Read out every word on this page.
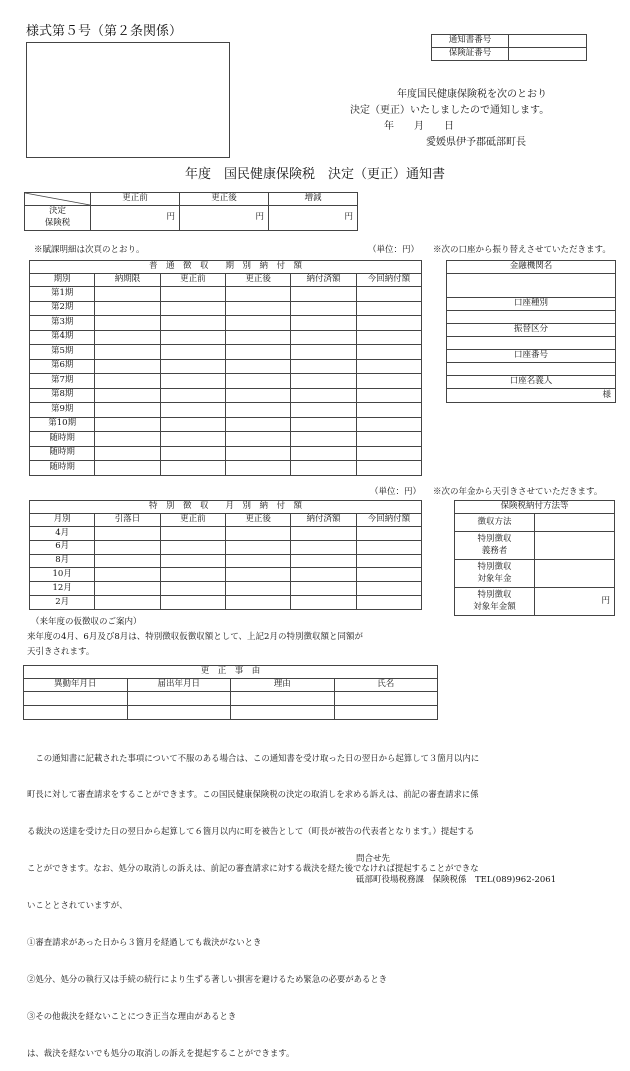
様式第５号（第２条関係）
通知書番号	
保険証番号	
年度国民健康保険税を次のとおり
決定（更正）いたしましたので通知します。
年　　月　　日
愛媛県伊予郡砥部町長
年度　国民健康保険税　決定（更正）通知書
	更正前	更正後	増減
決定
保険税	円	円	円
※賦課明細は次頁のとおり。	（単位：円） ※次の口座から振り替えさせていただきます。
普　通　徴　収　　期　別　納　付　額					
期別	納期限	更正前	更正後	納付済額	今回納付額
第1期					
第2期					
第3期					
第4期					
第5期					
第6期					
第7期					
第8期					
第9期					
第10期					
随時期					
随時期					
随時期					
金融機関名

口座種別

振替区分

口座番号

口座名義人
様
（単位：円） ※次の年金から天引きさせていただきます。
特　別　徴　収　　月　別　納　付　額					
月別	引落日	更正前	更正後	納付済額	今回納付額
4月					
6月					
8月					
10月					
12月					
2月					
保険税納付方法等	
徴収方法	
特別徴収
義務者	
特別徴収
対象年金	
特別徴収
対象年金額	円
（来年度の仮徴収のご案内）
来年度の4月、6月及び8月は、特別徴収仮徴収額として、上記2月の特別徴収額と同額が
天引きされます。
更　正　事　由			
異動年月日	届出年月日	理由	氏名

　この通知書に記載された事項について不服のある場合は、この通知書を受け取った日の翌日から起算して３箇月以内に

町長に対して審査請求をすることができます。この国民健康保険税の決定の取消しを求める訴えは、前記の審査請求に係

る裁決の送達を受けた日の翌日から起算して６箇月以内に町を被告として（町長が被告の代表者となります。）提起する

ことができます。なお、処分の取消しの訴えは、前記の審査請求に対する裁決を経た後でなければ提起することができな

いこととされていますが、

①審査請求があった日から３箇月を経過しても裁決がないとき

②処分、処分の執行又は手続の続行により生ずる著しい損害を避けるため緊急の必要があるとき

③その他裁決を経ないことにつき正当な理由があるとき

は、裁決を経ないでも処分の取消しの訴えを提起することができます。

問合せ先
砥部町役場税務課　保険税係　TEL(089)962-2061
